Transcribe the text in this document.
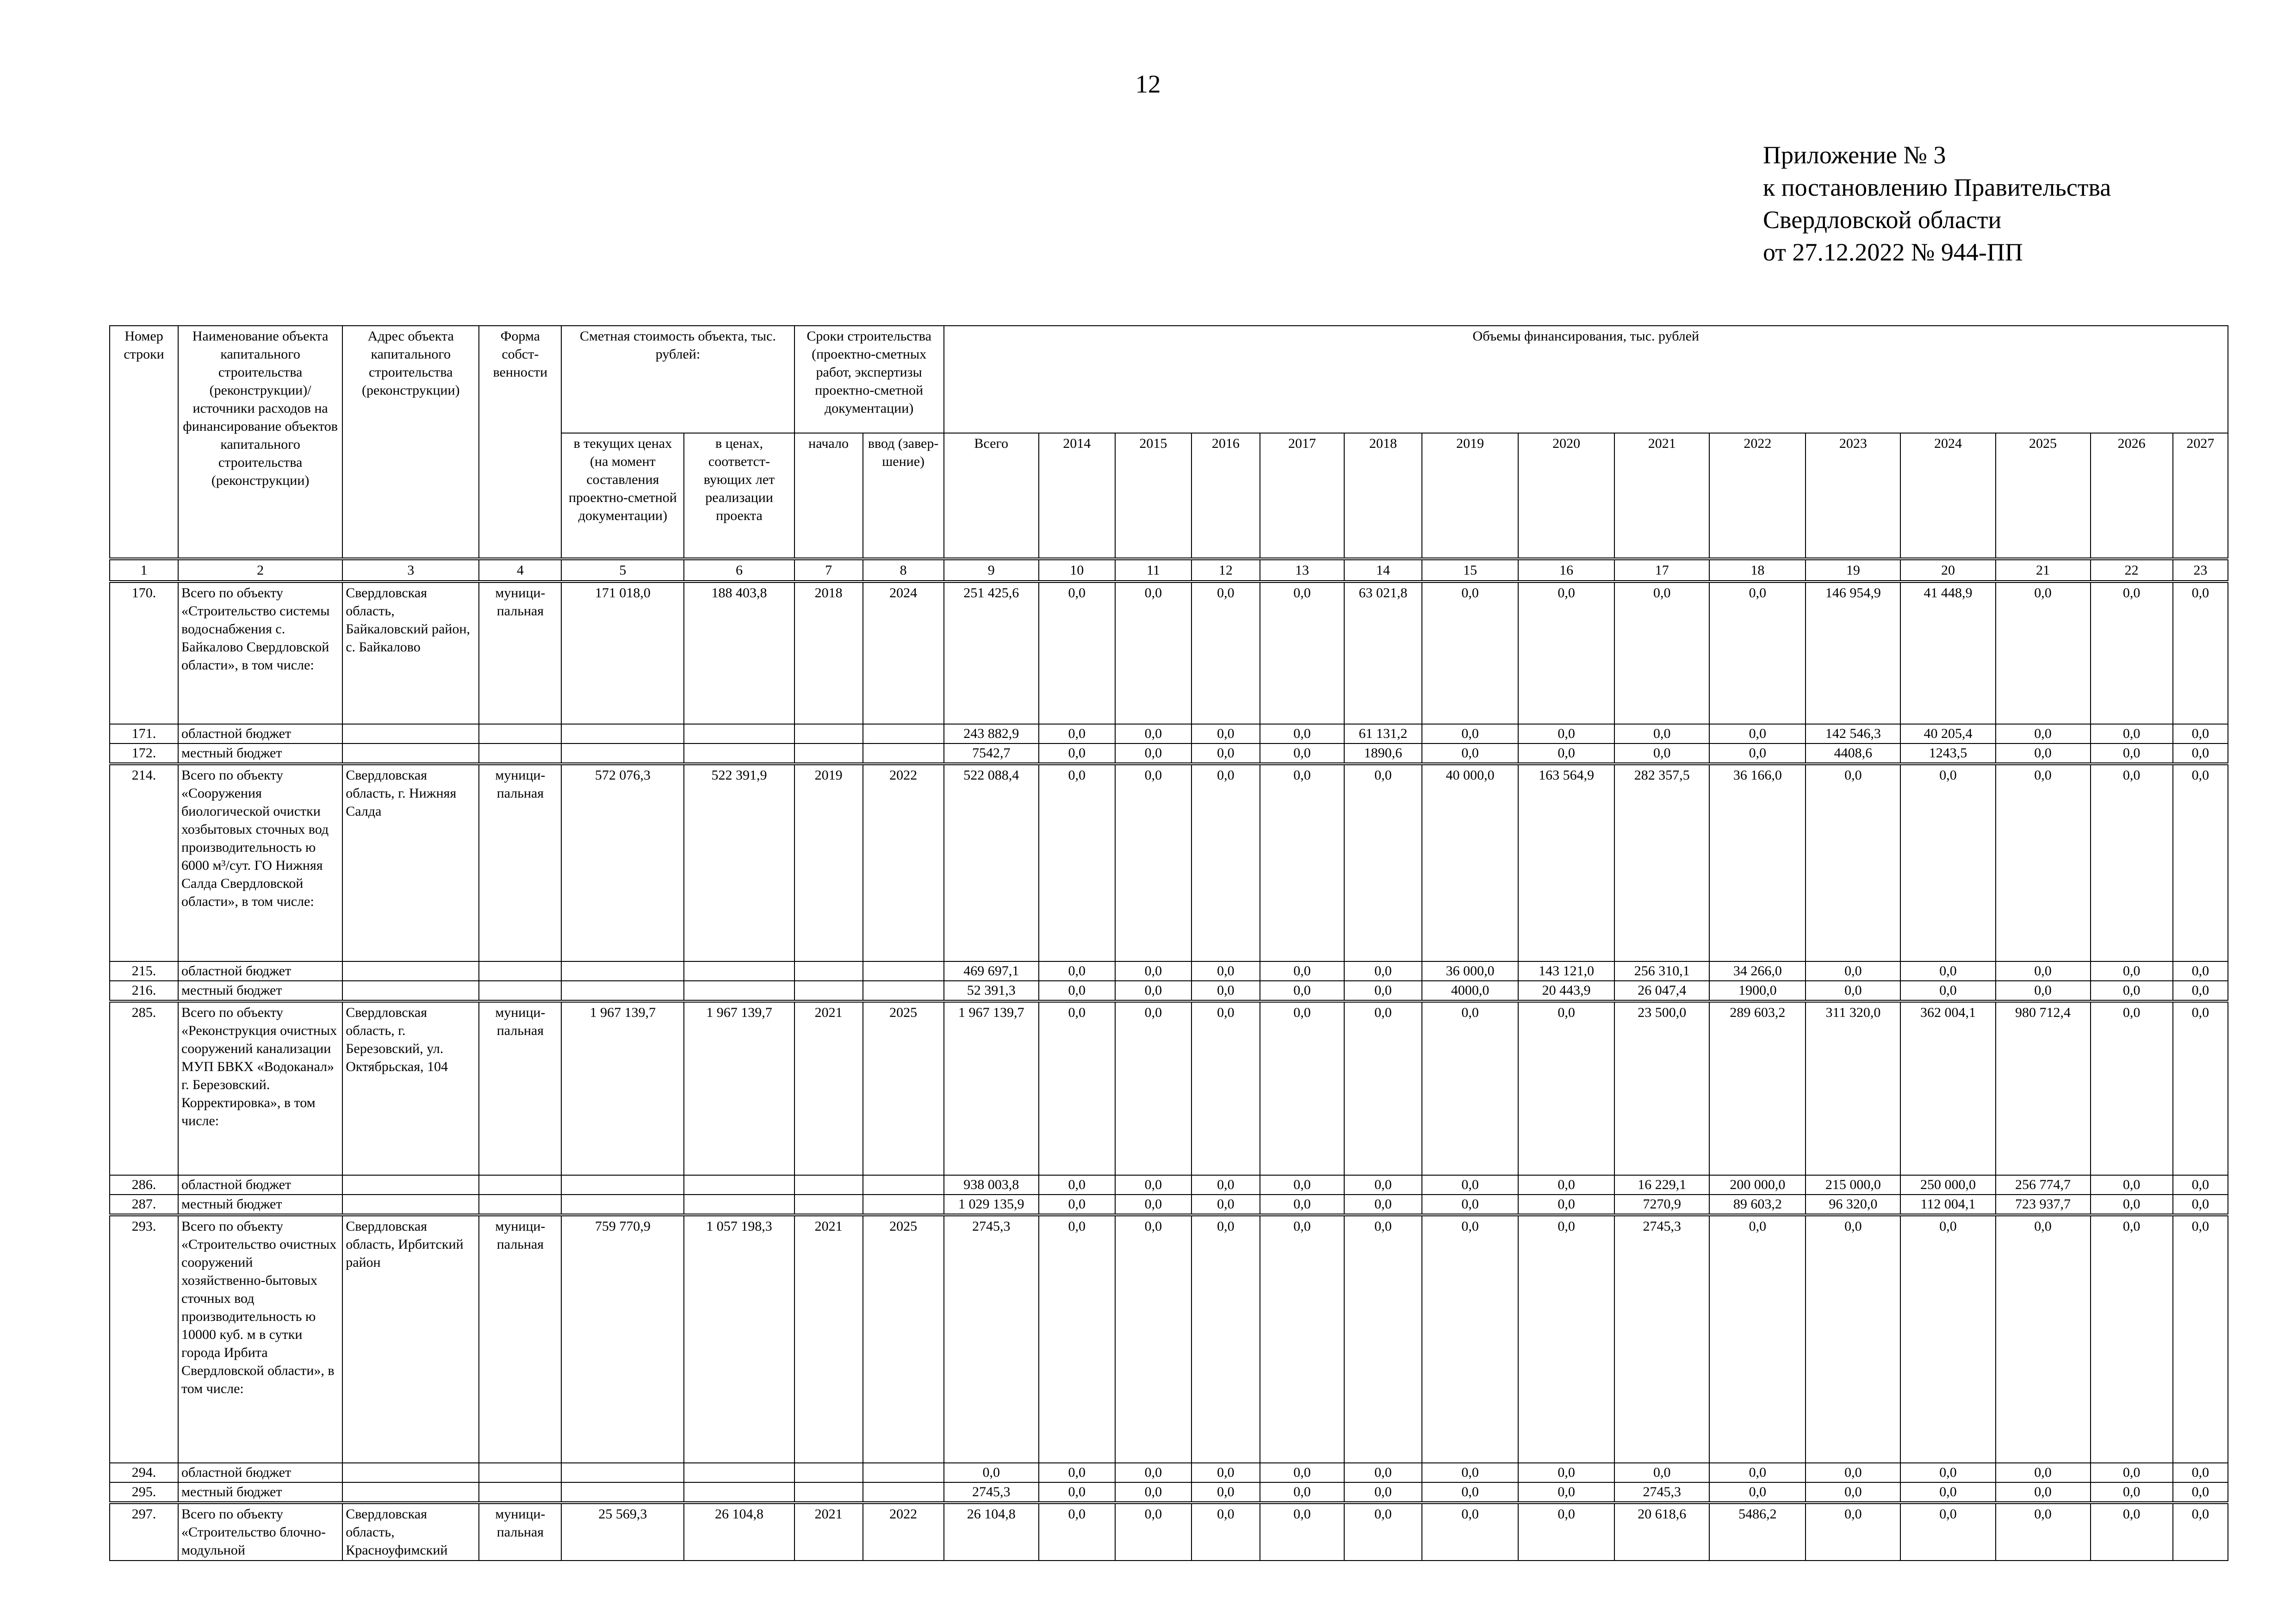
12
Приложение № 3
к постановлению Правительства
Свердловской области
от 27.12.2022 № 944-ПП
Номер строки	Наименование объекта капитального строительства (реконструкции)/источники расходов на финансирование объектов капитального строительства (реконструкции)	Адрес объекта капитального строительства (реконструкции)	Форма собст-венности	Сметная стоимость объекта, тыс. рублей:		Сроки строительства (проектно-сметных работ, экспертизы проектно-сметной документации)		Объемы финансирования, тыс. рублей														
				в текущих ценах (на момент составления проектно-сметной документации)	в ценах, соответст-вующих лет реализации проекта	начало	ввод (завер-шение)	Всего	2014	2015	2016	2017	2018	2019	2020	2021	2022	2023	2024	2025	2026	2027
1	2	3	4	5	6	7	8	9	10	11	12	13	14	15	16	17	18	19	20	21	22	23
170.	Всего по объекту «Строительство системы водоснабжения с. Байкалово Свердловской области», в том числе:	Свердловская область, Байкаловский район, с. Байкалово	муници-пальная	171 018,0	188 403,8	2018	2024	251 425,6	0,0	0,0	0,0	0,0	63 021,8	0,0	0,0	0,0	0,0	146 954,9	41 448,9	0,0	0,0	0,0
171.	областной бюджет							243 882,9	0,0	0,0	0,0	0,0	61 131,2	0,0	0,0	0,0	0,0	142 546,3	40 205,4	0,0	0,0	0,0
172.	местный бюджет							7542,7	0,0	0,0	0,0	0,0	1890,6	0,0	0,0	0,0	0,0	4408,6	1243,5	0,0	0,0	0,0
214.	Всего по объекту «Сооружения биологической очистки хозбытовых сточных вод производительность ю 6000 м³/сут. ГО Нижняя Салда Свердловской области», в том числе:	Свердловская область, г. Нижняя Салда	муници-пальная	572 076,3	522 391,9	2019	2022	522 088,4	0,0	0,0	0,0	0,0	0,0	40 000,0	163 564,9	282 357,5	36 166,0	0,0	0,0	0,0	0,0	0,0
215.	областной бюджет							469 697,1	0,0	0,0	0,0	0,0	0,0	36 000,0	143 121,0	256 310,1	34 266,0	0,0	0,0	0,0	0,0	0,0
216.	местный бюджет							52 391,3	0,0	0,0	0,0	0,0	0,0	4000,0	20 443,9	26 047,4	1900,0	0,0	0,0	0,0	0,0	0,0
285.	Всего по объекту «Реконструкция очистных сооружений канализации МУП БВКХ «Водоканал» г. Березовский. Корректировка», в том числе:	Свердловская область, г. Березовский, ул. Октябрьская, 104	муници-пальная	1 967 139,7	1 967 139,7	2021	2025	1 967 139,7	0,0	0,0	0,0	0,0	0,0	0,0	0,0	23 500,0	289 603,2	311 320,0	362 004,1	980 712,4	0,0	0,0
286.	областной бюджет							938 003,8	0,0	0,0	0,0	0,0	0,0	0,0	0,0	16 229,1	200 000,0	215 000,0	250 000,0	256 774,7	0,0	0,0
287.	местный бюджет							1 029 135,9	0,0	0,0	0,0	0,0	0,0	0,0	0,0	7270,9	89 603,2	96 320,0	112 004,1	723 937,7	0,0	0,0
293.	Всего по объекту «Строительство очистных сооружений хозяйственно-бытовых сточных вод производительность ю 10000 куб. м в сутки города Ирбита Свердловской области», в том числе:	Свердловская область, Ирбитский район	муници-пальная	759 770,9	1 057 198,3	2021	2025	2745,3	0,0	0,0	0,0	0,0	0,0	0,0	0,0	2745,3	0,0	0,0	0,0	0,0	0,0	0,0
294.	областной бюджет							0,0	0,0	0,0	0,0	0,0	0,0	0,0	0,0	0,0	0,0	0,0	0,0	0,0	0,0	0,0
295.	местный бюджет							2745,3	0,0	0,0	0,0	0,0	0,0	0,0	0,0	2745,3	0,0	0,0	0,0	0,0	0,0	0,0
297.	Всего по объекту «Строительство блочно-модульной	Свердловская область, Красноуфимский	муници-пальная	25 569,3	26 104,8	2021	2022	26 104,8	0,0	0,0	0,0	0,0	0,0	0,0	0,0	20 618,6	5486,2	0,0	0,0	0,0	0,0	0,0
